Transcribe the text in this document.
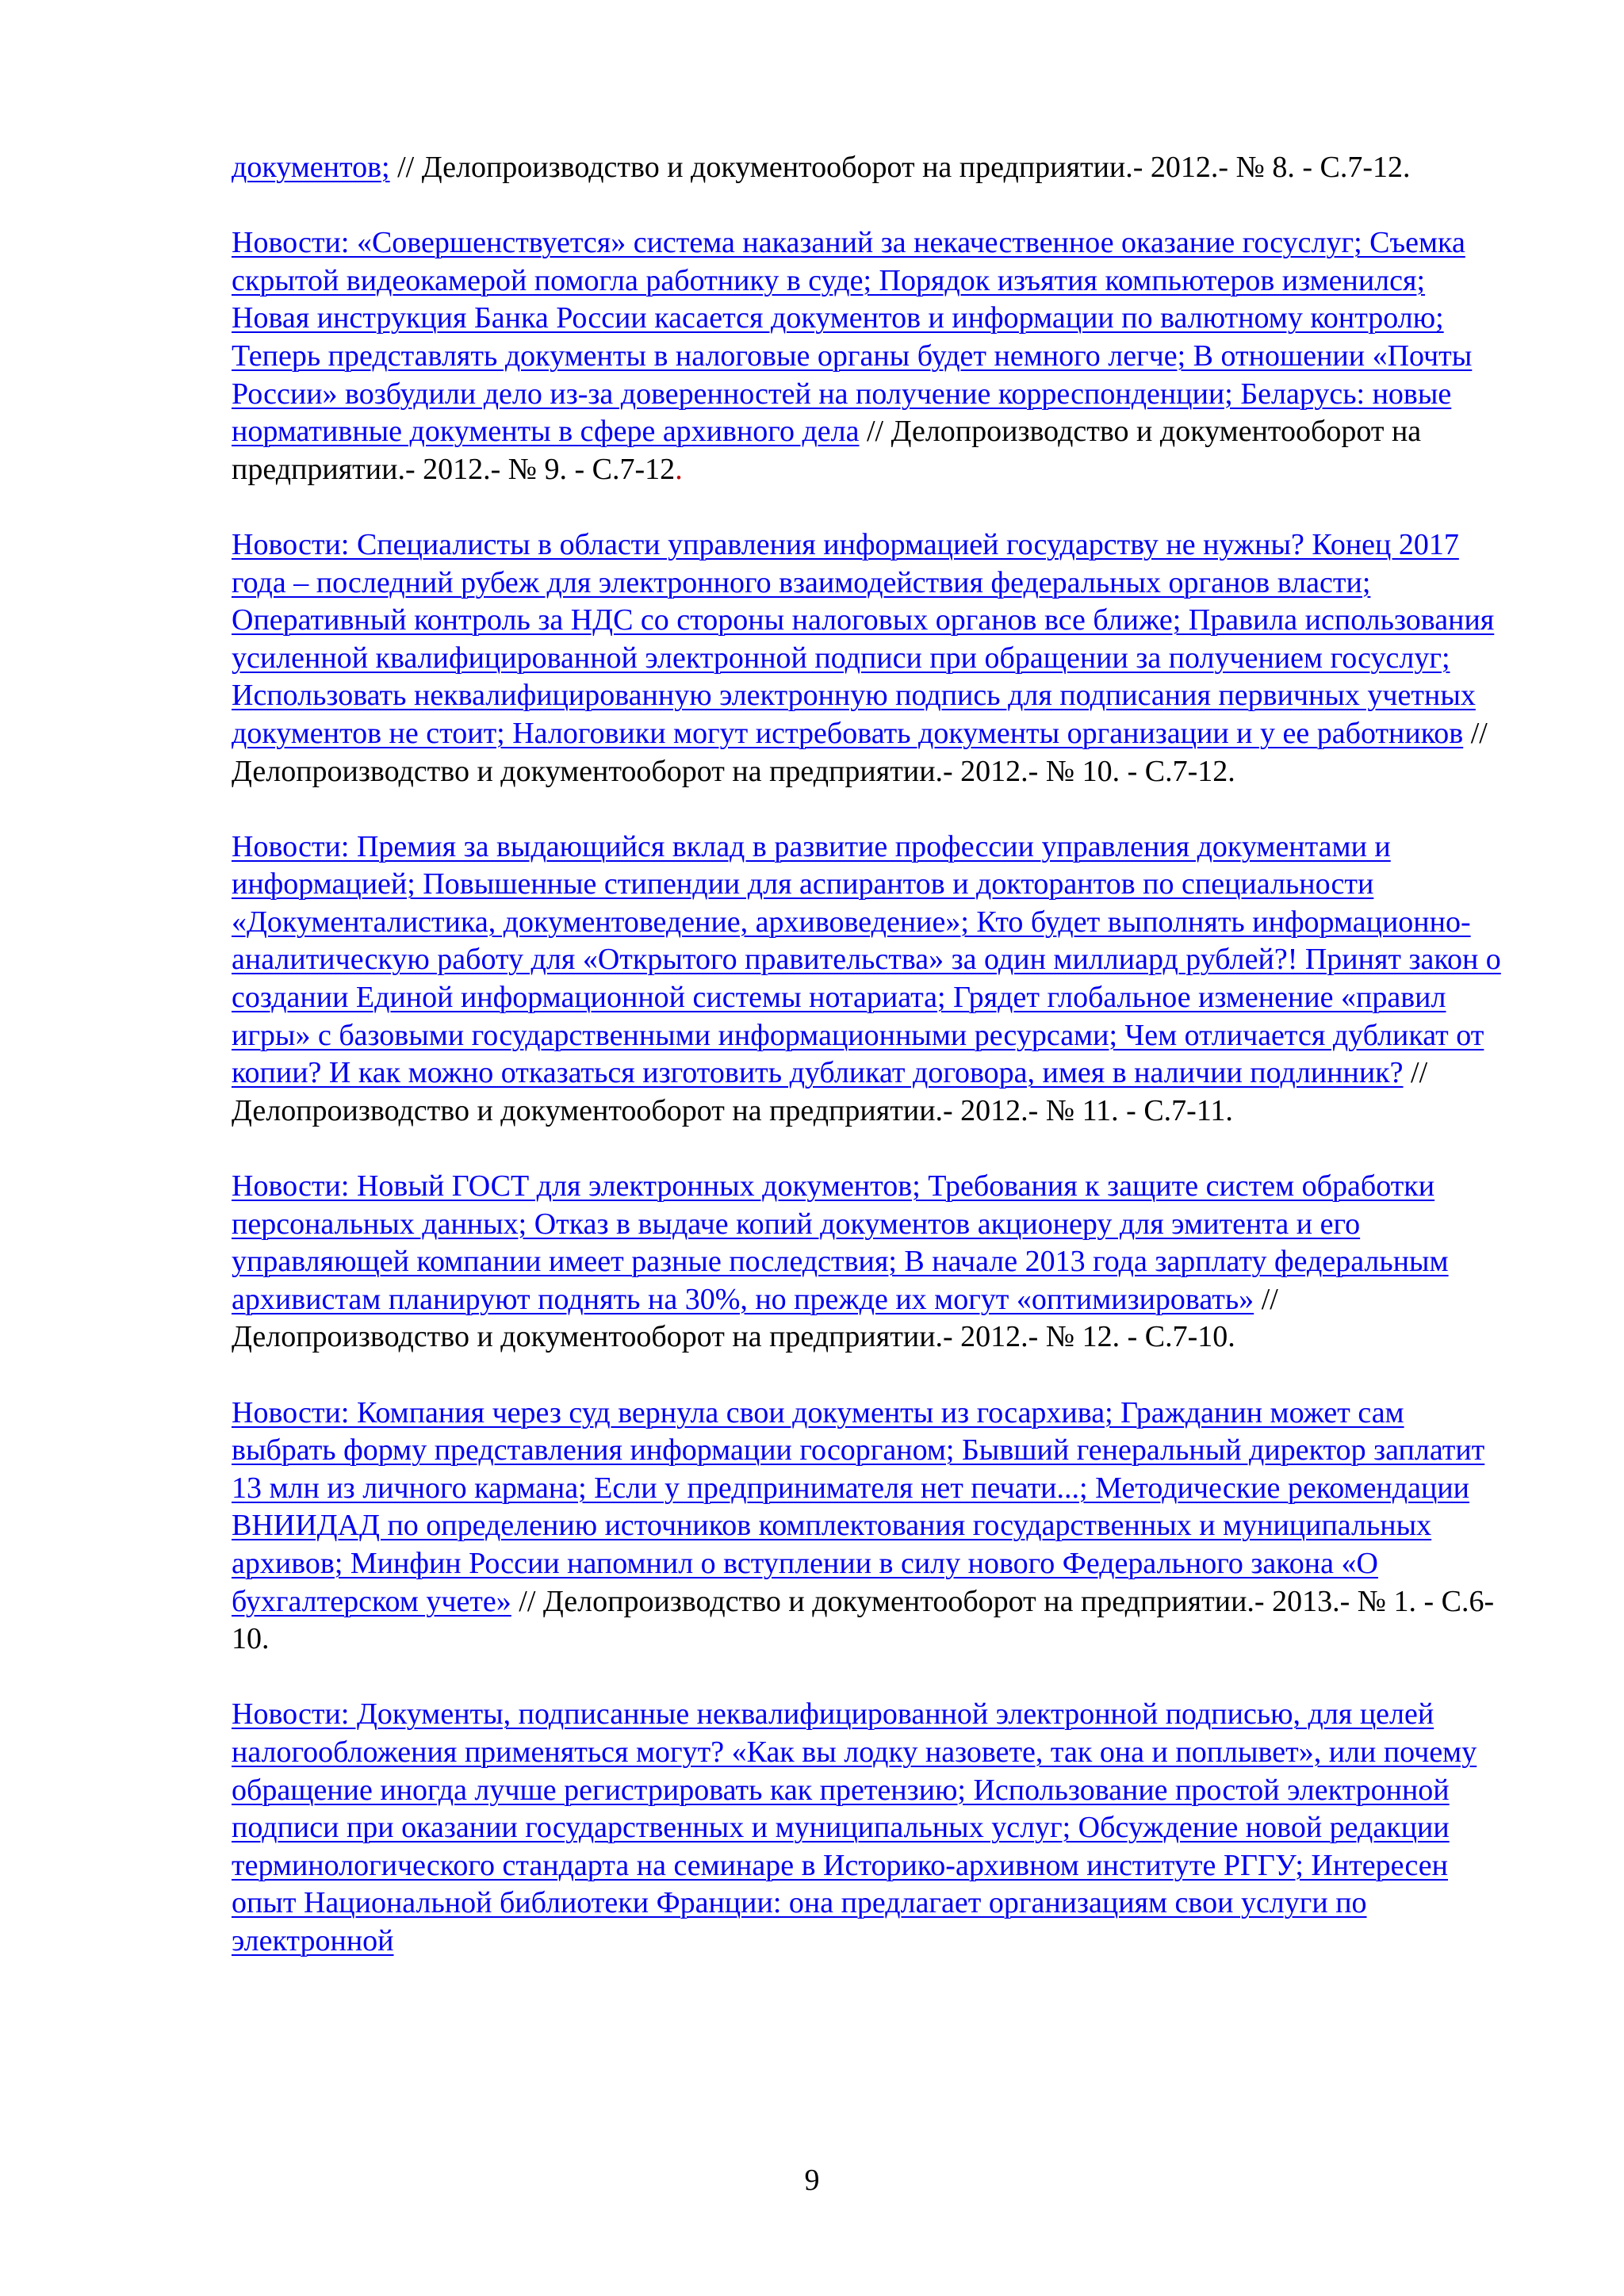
документов; // Делопроизводство и документооборот на предприятии.- 2012.- № 8. - С.7-12.

Новости: «Совершенствуется» система наказаний за некачественное оказание госуслуг; Съемка скрытой видеокамерой помогла работнику в суде; Порядок изъятия компьютеров изменился; Новая инструкция Банка России касается документов и информации по валютному контролю; Теперь представлять документы в налоговые органы будет немного легче; В отношении «Почты России» возбудили дело из-за доверенностей на получение корреспонденции; Беларусь: новые нормативные документы в сфере архивного дела // Делопроизводство и документооборот на предприятии.- 2012.- № 9. - С.7-12.

Новости: Специалисты в области управления информацией государству не нужны? Конец 2017 года – последний рубеж для электронного взаимодействия федеральных органов власти; Оперативный контроль за НДС со стороны налоговых органов все ближе; Правила использования усиленной квалифицированной электронной подписи при обращении за получением госуслуг; Использовать неквалифицированную электронную подпись для подписания первичных учетных документов не стоит; Налоговики могут истребовать документы организации и у ее работников // Делопроизводство и документооборот на предприятии.- 2012.- № 10. - С.7-12.

Новости: Премия за выдающийся вклад в развитие профессии управления документами и информацией; Повышенные стипендии для аспирантов и докторантов по специальности «Документалистика, документоведение, архивоведение»; Кто будет выполнять информационно-аналитическую работу для «Открытого правительства» за один миллиард рублей?! Принят закон о создании Единой информационной системы нотариата; Грядет глобальное изменение «правил игры» с базовыми государственными информационными ресурсами; Чем отличается дубликат от копии? И как можно отказаться изготовить дубликат договора, имея в наличии подлинник? // Делопроизводство и документооборот на предприятии.- 2012.- № 11. - С.7-11.

Новости: Новый ГОСТ для электронных документов; Требования к защите систем обработки персональных данных; Отказ в выдаче копий документов акционеру для эмитента и его управляющей компании имеет разные последствия; В начале 2013 года зарплату федеральным архивистам планируют поднять на 30%, но прежде их могут «оптимизировать» // Делопроизводство и документооборот на предприятии.- 2012.- № 12. - С.7-10.

Новости: Компания через суд вернула свои документы из госархива; Гражданин может сам выбрать форму представления информации госорганом; Бывший генеральный директор заплатит 13 млн из личного кармана; Если у предпринимателя нет печати...; Методические рекомендации ВНИИДАД по определению источников комплектования государственных и муниципальных архивов; Минфин России напомнил о вступлении в силу нового Федерального закона «О бухгалтерском учете» // Делопроизводство и документооборот на предприятии.- 2013.- № 1. - С.6-10.

Новости: Документы, подписанные неквалифицированной электронной подписью, для целей налогообложения применяться могут? «Как вы лодку назовете, так она и поплывет», или почему обращение иногда лучше регистрировать как претензию; Использование простой электронной подписи при оказании государственных и муниципальных услуг; Обсуждение новой редакции терминологического стандарта на семинаре в Историко-архивном институте РГГУ; Интересен опыт Национальной библиотеки Франции: она предлагает организациям свои услуги по электронной

9
